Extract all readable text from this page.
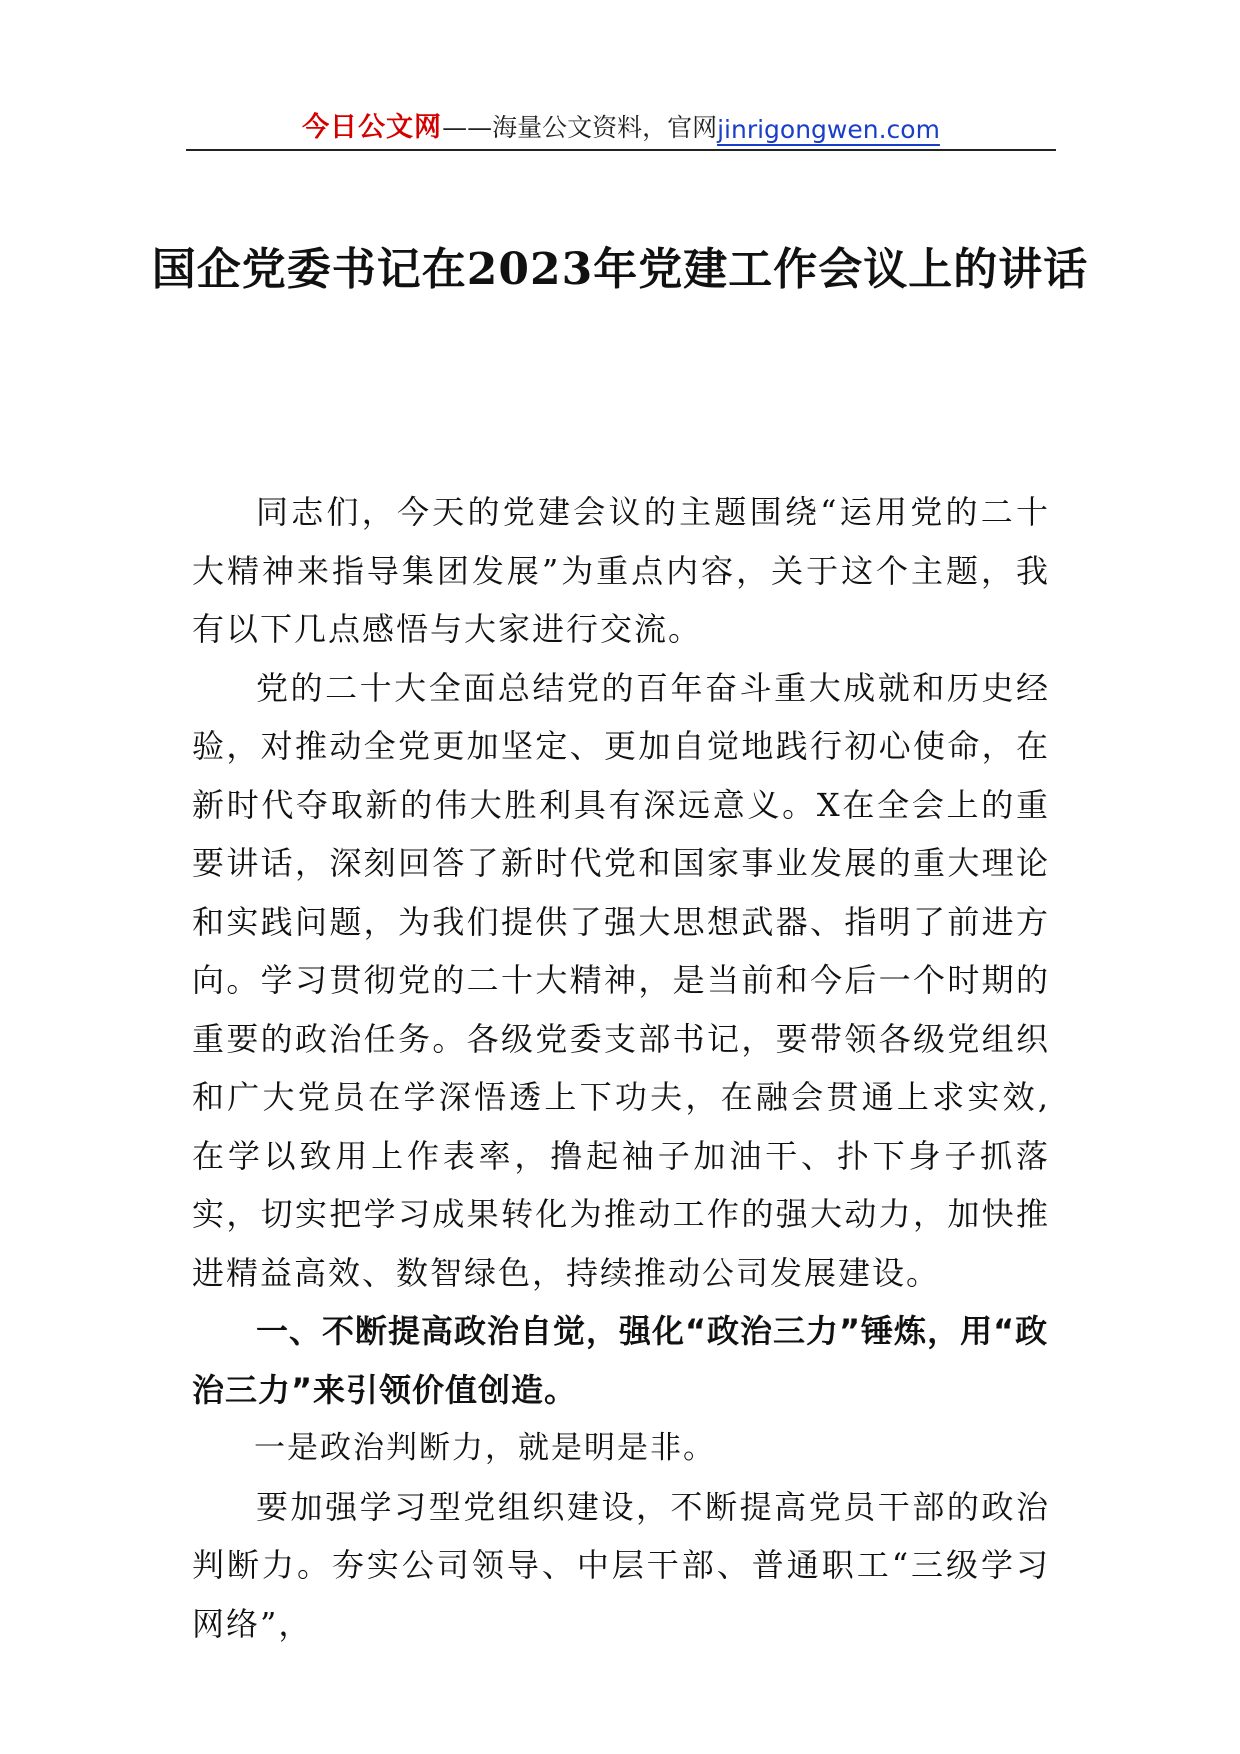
今日公文网 ——海量公文资料，官网 jinrigongwen.com
国企党委书记在2023年党建工作会议上的讲话

同志们，今天的党建会议的主题围绕“运用党的二十大精神来指导集团发展”为重点内容，关于这个主题，我有以下几点感悟与大家进行交流。

党的二十大全面总结党的百年奋斗重大成就和历史经验，对推动全党更加坚定、更加自觉地践行初心使命，在新时代夺取新的伟大胜利具有深远意义。X在全会上的重要讲话，深刻回答了新时代党和国家事业发展的重大理论和实践问题，为我们提供了强大思想武器、指明了前进方向。学习贯彻党的二十大精神，是当前和今后一个时期的重要的政治任务。各级党委支部书记，要带领各级党组织和广大党员在学深悟透上下功夫，在融会贯通上求实效,在学以致用上作表率，撸起袖子加油干、扑下身子抓落实，切实把学习成果转化为推动工作的强大动力，加快推进精益高效、数智绿色，持续推动公司发展建设。

一、不断提高政治自觉，强化“政治三力”锤炼，用“政治三力”来引领价值创造。

一是政治判断力，就是明是非。

要加强学习型党组织建设，不断提高党员干部的政治判断力。夯实公司领导、中层干部、普通职工“三级学习网络”，
